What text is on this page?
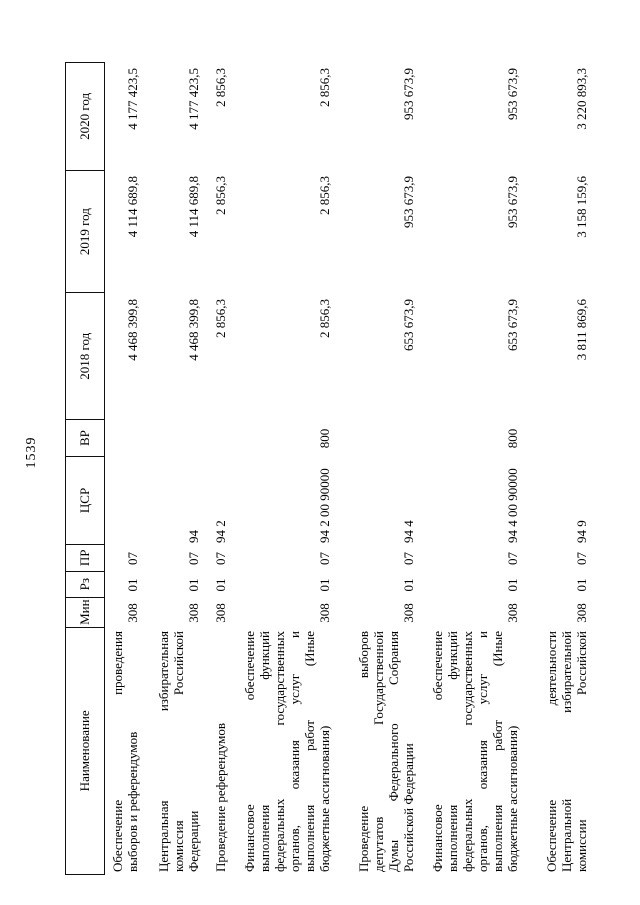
1539
Наименование
Мин
Рз
ПР
ЦСР
ВР
2018 год
2019 год
2020 год
Обеспечение
проведения
выборов и референдумов
308
01
07
4 468 399,8
4 114 689,8
4 177 423,5
Центральная
избирательная
комиссия
Российской
Федерации
308
01
07
94
4 468 399,8
4 114 689,8
4 177 423,5
Проведение референдумов
308
01
07
94 2
2 856,3
2 856,3
2 856,3
Финансовое
обеспечение
выполнения
функций
федеральных
государственных
органов,
оказания
услуг
и
выполнения
работ
(Иные
бюджетные ассигнования)
308
01
07
94 2 00 90000
800
2 856,3
2 856,3
2 856,3
Проведение
выборов
депутатов
Государственной
Думы
Федерального
Собрания
Российской Федерации
308
01
07
94 4
653 673,9
953 673,9
953 673,9
Финансовое
обеспечение
выполнения
функций
федеральных
государственных
органов,
оказания
услуг
и
выполнения
работ
(Иные
бюджетные ассигнования)
308
01
07
94 4 00 90000
800
653 673,9
953 673,9
953 673,9
Обеспечение
деятельности
Центральной
избирательной
комиссии
Российской
308
01
07
94 9
3 811 869,6
3 158 159,6
3 220 893,3
